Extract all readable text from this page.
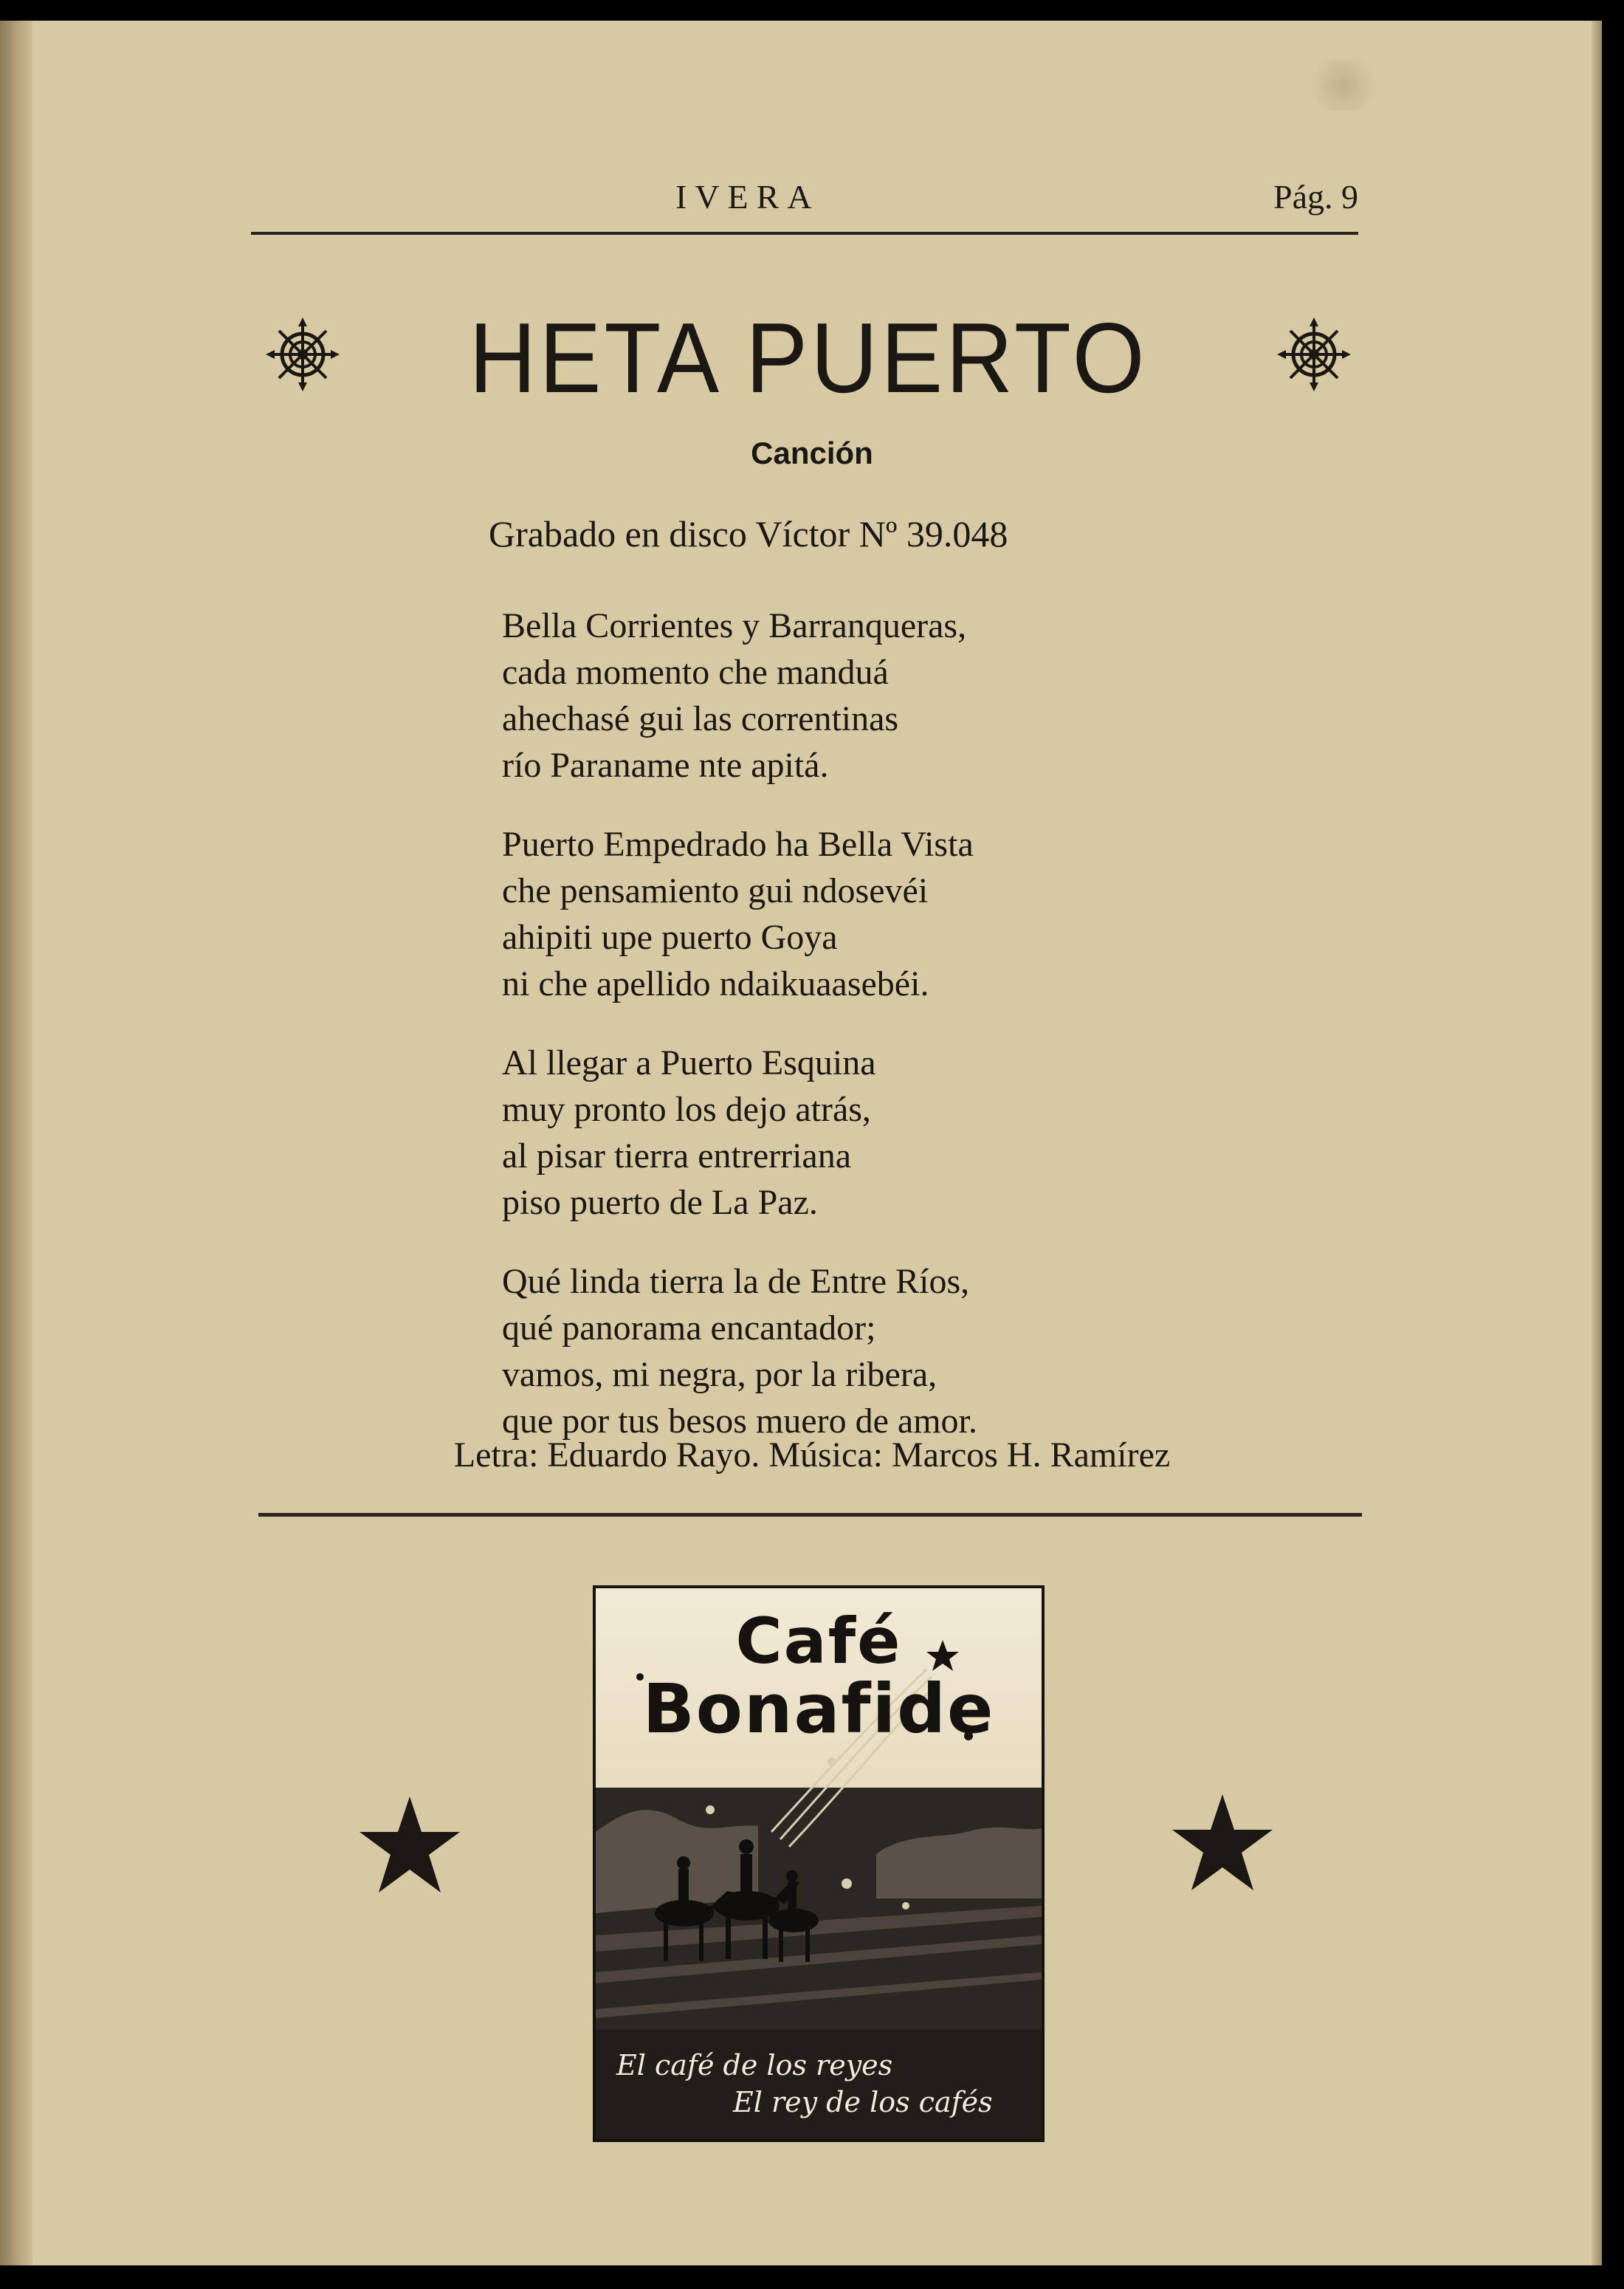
IVERA	Pág. 9
HETA PUERTO
Canción
Grabado en disco Víctor Nº 39.048
Bella Corrientes y Barranqueras,
cada momento che manduá
ahechasé gui las correntinas
río Paraname nte apitá.
Puerto Empedrado ha Bella Vista
che pensamiento gui ndosevéi
ahipiti upe puerto Goya
ni che apellido ndaikuaasebéi.
Al llegar a Puerto Esquina
muy pronto los dejo atrás,
al pisar tierra entrerriana
piso puerto de La Paz.
Qué linda tierra la de Entre Ríos,
qué panorama encantador;
vamos, mi negra, por la ribera,
que por tus besos muero de amor.
Letra: Eduardo Rayo. Música: Marcos H. Ramírez
Café
Bonafide
El café de los reyes
El rey de los cafés
